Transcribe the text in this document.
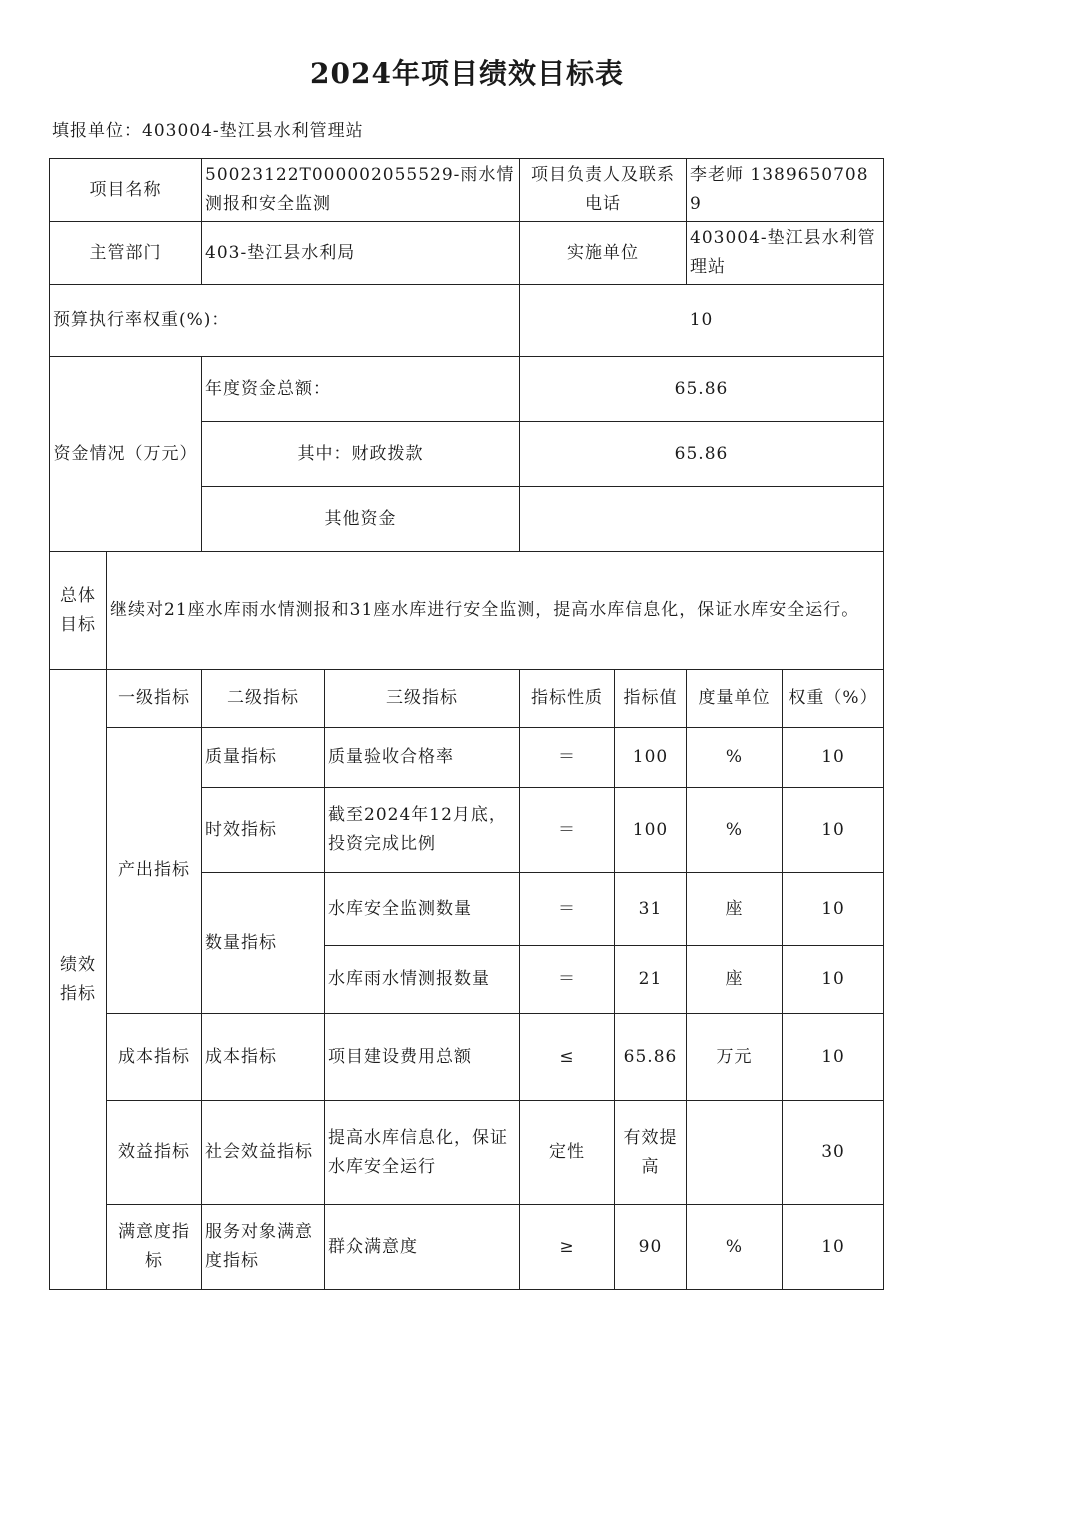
2024年项目绩效目标表
填报单位：403004-垫江县水利管理站
项目名称		50023122T000002055529-雨水情测报和安全监测		项目负责人及联系电话		李老师 13896507089	
主管部门		403-垫江县水利局		实施单位		403004-垫江县水利管理站	
预算执行率权重(%)：				10			
资金情况（万元）		年度资金总额：		65.86			
		其中：财政拨款		65.86			
		其他资金					
总体目标	继续对21座水库雨水情测报和31座水库进行安全监测，提高水库信息化，保证水库安全运行。						
绩效指标	一级指标	二级指标	三级指标	指标性质	指标值	度量单位	权重（%）
	产出指标	质量指标	质量验收合格率	＝	100	%	10
		时效指标	截至2024年12月底，投资完成比例	＝	100	%	10
		数量指标	水库安全监测数量	＝	31	座	10
			水库雨水情测报数量	＝	21	座	10
	成本指标	成本指标	项目建设费用总额	≤	65.86	万元	10
	效益指标	社会效益指标	提高水库信息化，保证水库安全运行	定性	有效提高		30
	满意度指标	服务对象满意度指标	群众满意度	≥	90	%	10
